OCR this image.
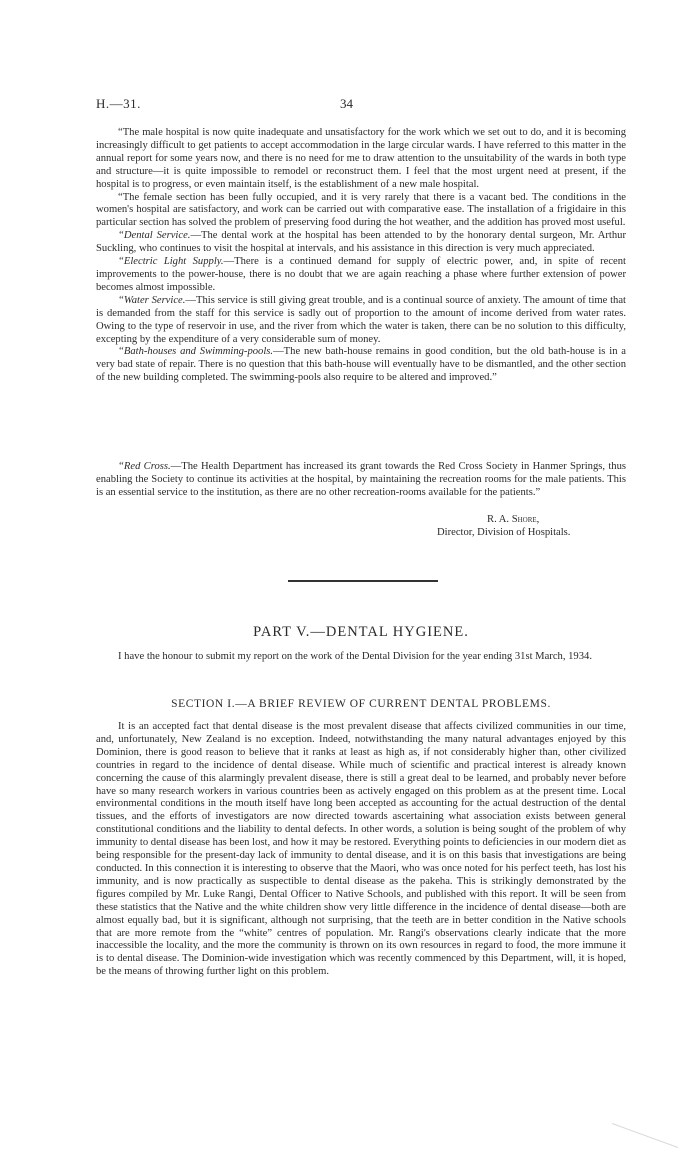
H.—31.	34

“The male hospital is now quite inadequate and unsatisfactory for the work which we set out to do, and it is becoming increasingly difficult to get patients to accept accommodation in the large circular wards. I have referred to this matter in the annual report for some years now, and there is no need for me to draw attention to the unsuitability of the wards in both type and structure—it is quite impossible to remodel or reconstruct them. I feel that the most urgent need at present, if the hospital is to progress, or even maintain itself, is the establishment of a new male hospital.

“The female section has been fully occupied, and it is very rarely that there is a vacant bed. The conditions in the women's hospital are satisfactory, and work can be carried out with comparative ease. The installation of a frigidaire in this particular section has solved the problem of preserving food during the hot weather, and the addition has proved most useful.

“Dental Service.—The dental work at the hospital has been attended to by the honorary dental surgeon, Mr. Arthur Suckling, who continues to visit the hospital at intervals, and his assistance in this direction is very much appreciated.

“Electric Light Supply.—There is a continued demand for supply of electric power, and, in spite of recent improvements to the power-house, there is no doubt that we are again reaching a phase where further extension of power becomes almost impossible.

“Water Service.—This service is still giving great trouble, and is a continual source of anxiety. The amount of time that is demanded from the staff for this service is sadly out of proportion to the amount of income derived from water rates. Owing to the type of reservoir in use, and the river from which the water is taken, there can be no solution to this difficulty, excepting by the expenditure of a very considerable sum of money.

“Bath-houses and Swimming-pools.—The new bath-house remains in good condition, but the old bath-house is in a very bad state of repair. There is no question that this bath-house will eventually have to be dismantled, and the other section of the new building completed. The swimming-pools also require to be altered and improved.”

“Red Cross.—The Health Department has increased its grant towards the Red Cross Society in Hanmer Springs, thus enabling the Society to continue its activities at the hospital, by maintaining the recreation rooms for the male patients. This is an essential service to the institution, as there are no other recreation-rooms available for the patients.”

R. A. Shore,
Director, Division of Hospitals.
PART V.—DENTAL HYGIENE.

I have the honour to submit my report on the work of the Dental Division for the year ending 31st March, 1934.

SECTION I.—A BRIEF REVIEW OF CURRENT DENTAL PROBLEMS.

It is an accepted fact that dental disease is the most prevalent disease that affects civilized communities in our time, and, unfortunately, New Zealand is no exception. Indeed, notwithstanding the many natural advantages enjoyed by this Dominion, there is good reason to believe that it ranks at least as high as, if not considerably higher than, other civilized countries in regard to the incidence of dental disease. While much of scientific and practical interest is already known concerning the cause of this alarmingly prevalent disease, there is still a great deal to be learned, and probably never before have so many research workers in various countries been as actively engaged on this problem as at the present time. Local environmental conditions in the mouth itself have long been accepted as accounting for the actual destruction of the dental tissues, and the efforts of investigators are now directed towards ascertaining what association exists between general constitutional conditions and the liability to dental defects. In other words, a solution is being sought of the problem of why immunity to dental disease has been lost, and how it may be restored. Everything points to deficiencies in our modern diet as being responsible for the present-day lack of immunity to dental disease, and it is on this basis that investigations are being conducted. In this connection it is interesting to observe that the Maori, who was once noted for his perfect teeth, has lost his immunity, and is now practically as suspectible to dental disease as the pakeha. This is strikingly demonstrated by the figures compiled by Mr. Luke Rangi, Dental Officer to Native Schools, and published with this report. It will be seen from these statistics that the Native and the white children show very little difference in the incidence of dental disease—both are almost equally bad, but it is significant, although not surprising, that the teeth are in better condition in the Native schools that are more remote from the “white” centres of population. Mr. Rangi's observations clearly indicate that the more inaccessible the locality, and the more the community is thrown on its own resources in regard to food, the more immune it is to dental disease. The Dominion-wide investigation which was recently commenced by this Department, will, it is hoped, be the means of throwing further light on this problem.
